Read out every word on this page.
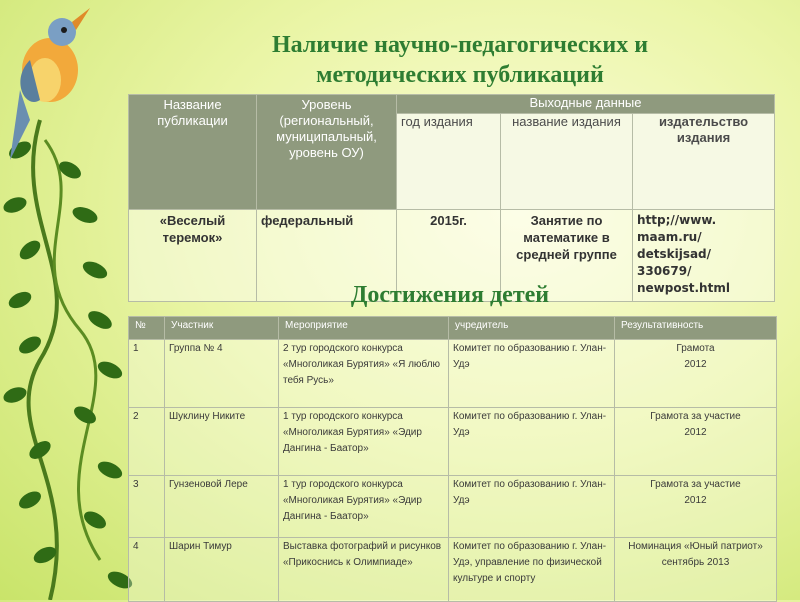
Наличие научно-педагогических и
методических публикаций
Название публикации	Уровень (региональный, муниципальный, уровень ОУ)	Выходные данные		
		год издания	название издания	издательство издания
«Веселый теремок»	федеральный	2015г.	Занятие по математике в средней группе	http;//www.
maam.ru/
detskijsad/
330679/
newpost.html
Достижения детей
№	Участник	Мероприятие	учредитель	Результативность
1	Группа № 4	2 тур городского конкурса «Многоликая Бурятия» «Я люблю тебя Русь»	Комитет по образованию г. Улан-Удэ	Грамота
2012

2	Шуклину Никите	1 тур городского конкурса «Многоликая Бурятия» «Эдир Дангина - Баатор»	Комитет по образованию г. Улан-Удэ	Грамота за участие
2012

3	Гунзеновой Лере	1 тур городского конкурса «Многоликая Бурятия» «Эдир Дангина - Баатор»	Комитет по образованию г. Улан-Удэ	Грамота за участие
2012

4	Шарин Тимур	Выставка фотографий и рисунков «Прикоснись к Олимпиаде»	Комитет по образованию г. Улан-Удэ, управление по физической культуре и спорту	Номинация «Юный патриот»
сентябрь 2013
